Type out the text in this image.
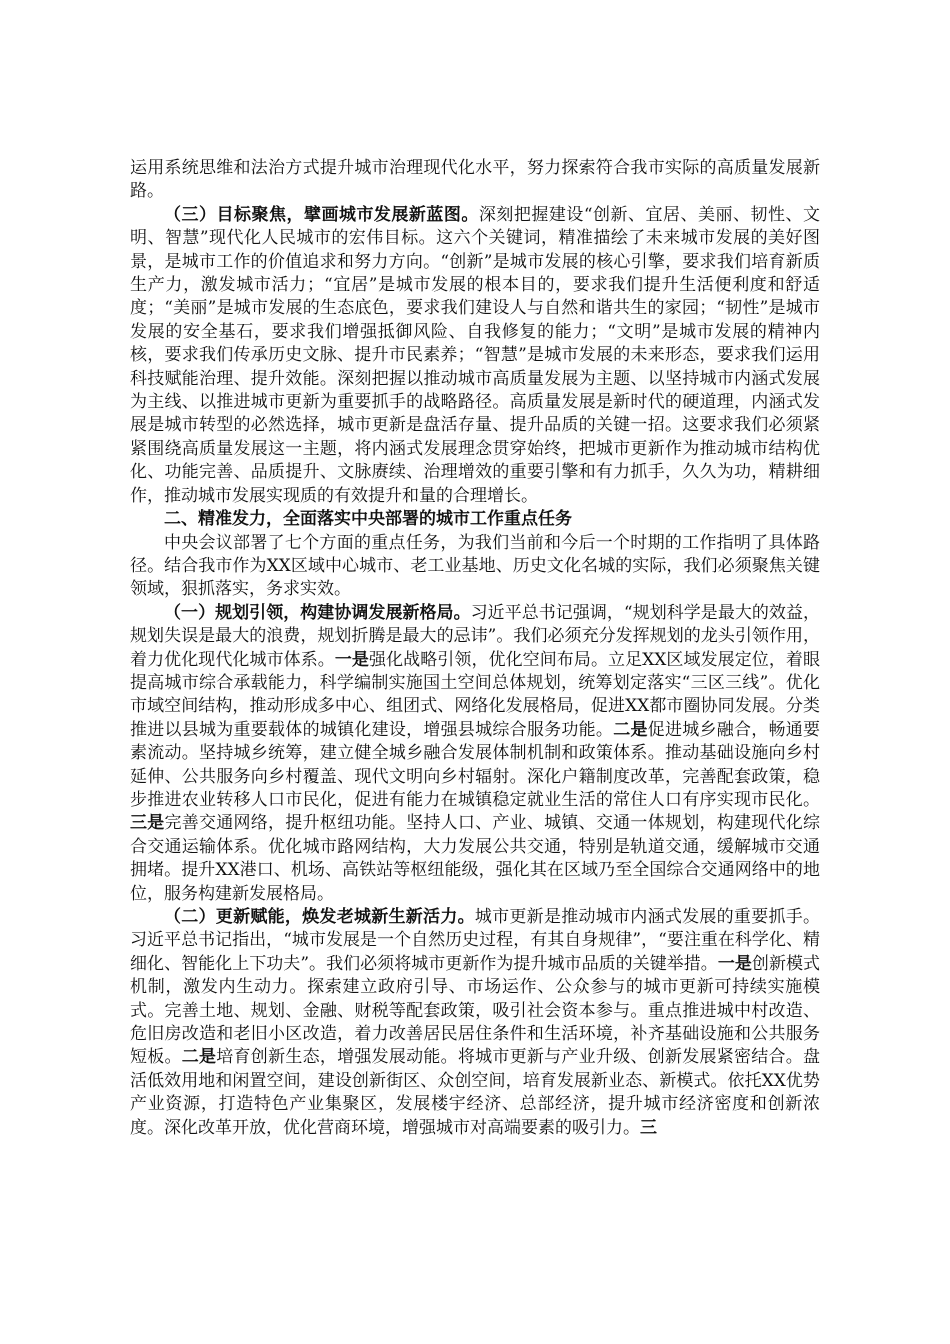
运用系统思维和法治方式提升城市治理现代化水平，努力探索符合我市实际的高质量发展新路。

（三）目标聚焦，擘画城市发展新蓝图。深刻把握建设“创新、宜居、美丽、韧性、文明、智慧”现代化人民城市的宏伟目标。这六个关键词，精准描绘了未来城市发展的美好图景，是城市工作的价值追求和努力方向。“创新”是城市发展的核心引擎，要求我们培育新质生产力，激发城市活力；“宜居”是城市发展的根本目的，要求我们提升生活便利度和舒适度；“美丽”是城市发展的生态底色，要求我们建设人与自然和谐共生的家园；“韧性”是城市发展的安全基石，要求我们增强抵御风险、自我修复的能力；“文明”是城市发展的精神内核，要求我们传承历史文脉、提升市民素养；“智慧”是城市发展的未来形态，要求我们运用科技赋能治理、提升效能。深刻把握以推动城市高质量发展为主题、以坚持城市内涵式发展为主线、以推进城市更新为重要抓手的战略路径。高质量发展是新时代的硬道理，内涵式发展是城市转型的必然选择，城市更新是盘活存量、提升品质的关键一招。这要求我们必须紧紧围绕高质量发展这一主题，将内涵式发展理念贯穿始终，把城市更新作为推动城市结构优化、功能完善、品质提升、文脉赓续、治理增效的重要引擎和有力抓手，久久为功，精耕细作，推动城市发展实现质的有效提升和量的合理增长。

二、精准发力，全面落实中央部署的城市工作重点任务

中央会议部署了七个方面的重点任务，为我们当前和今后一个时期的工作指明了具体路径。结合我市作为XX区域中心城市、老工业基地、历史文化名城的实际，我们必须聚焦关键领域，狠抓落实，务求实效。

（一）规划引领，构建协调发展新格局。习近平总书记强调，“规划科学是最大的效益，规划失误是最大的浪费，规划折腾是最大的忌讳”。我们必须充分发挥规划的龙头引领作用，着力优化现代化城市体系。一是强化战略引领，优化空间布局。立足XX区域发展定位，着眼提高城市综合承载能力，科学编制实施国土空间总体规划，统筹划定落实“三区三线”。优化市域空间结构，推动形成多中心、组团式、网络化发展格局，促进XX都市圈协同发展。分类推进以县城为重要载体的城镇化建设，增强县城综合服务功能。二是促进城乡融合，畅通要素流动。坚持城乡统筹，建立健全城乡融合发展体制机制和政策体系。推动基础设施向乡村延伸、公共服务向乡村覆盖、现代文明向乡村辐射。深化户籍制度改革，完善配套政策，稳步推进农业转移人口市民化，促进有能力在城镇稳定就业生活的常住人口有序实现市民化。三是完善交通网络，提升枢纽功能。坚持人口、产业、城镇、交通一体规划，构建现代化综合交通运输体系。优化城市路网结构，大力发展公共交通，特别是轨道交通，缓解城市交通拥堵。提升XX港口、机场、高铁站等枢纽能级，强化其在区域乃至全国综合交通网络中的地位，服务构建新发展格局。

（二）更新赋能，焕发老城新生新活力。城市更新是推动城市内涵式发展的重要抓手。习近平总书记指出，“城市发展是一个自然历史过程，有其自身规律”，“要注重在科学化、精细化、智能化上下功夫”。我们必须将城市更新作为提升城市品质的关键举措。一是创新模式机制，激发内生动力。探索建立政府引导、市场运作、公众参与的城市更新可持续实施模式。完善土地、规划、金融、财税等配套政策，吸引社会资本参与。重点推进城中村改造、危旧房改造和老旧小区改造，着力改善居民居住条件和生活环境，补齐基础设施和公共服务短板。二是培育创新生态，增强发展动能。将城市更新与产业升级、创新发展紧密结合。盘活低效用地和闲置空间，建设创新街区、众创空间，培育发展新业态、新模式。依托XX优势产业资源，打造特色产业集聚区，发展楼宇经济、总部经济，提升城市经济密度和创新浓度。深化改革开放，优化营商环境，增强城市对高端要素的吸引力。三
